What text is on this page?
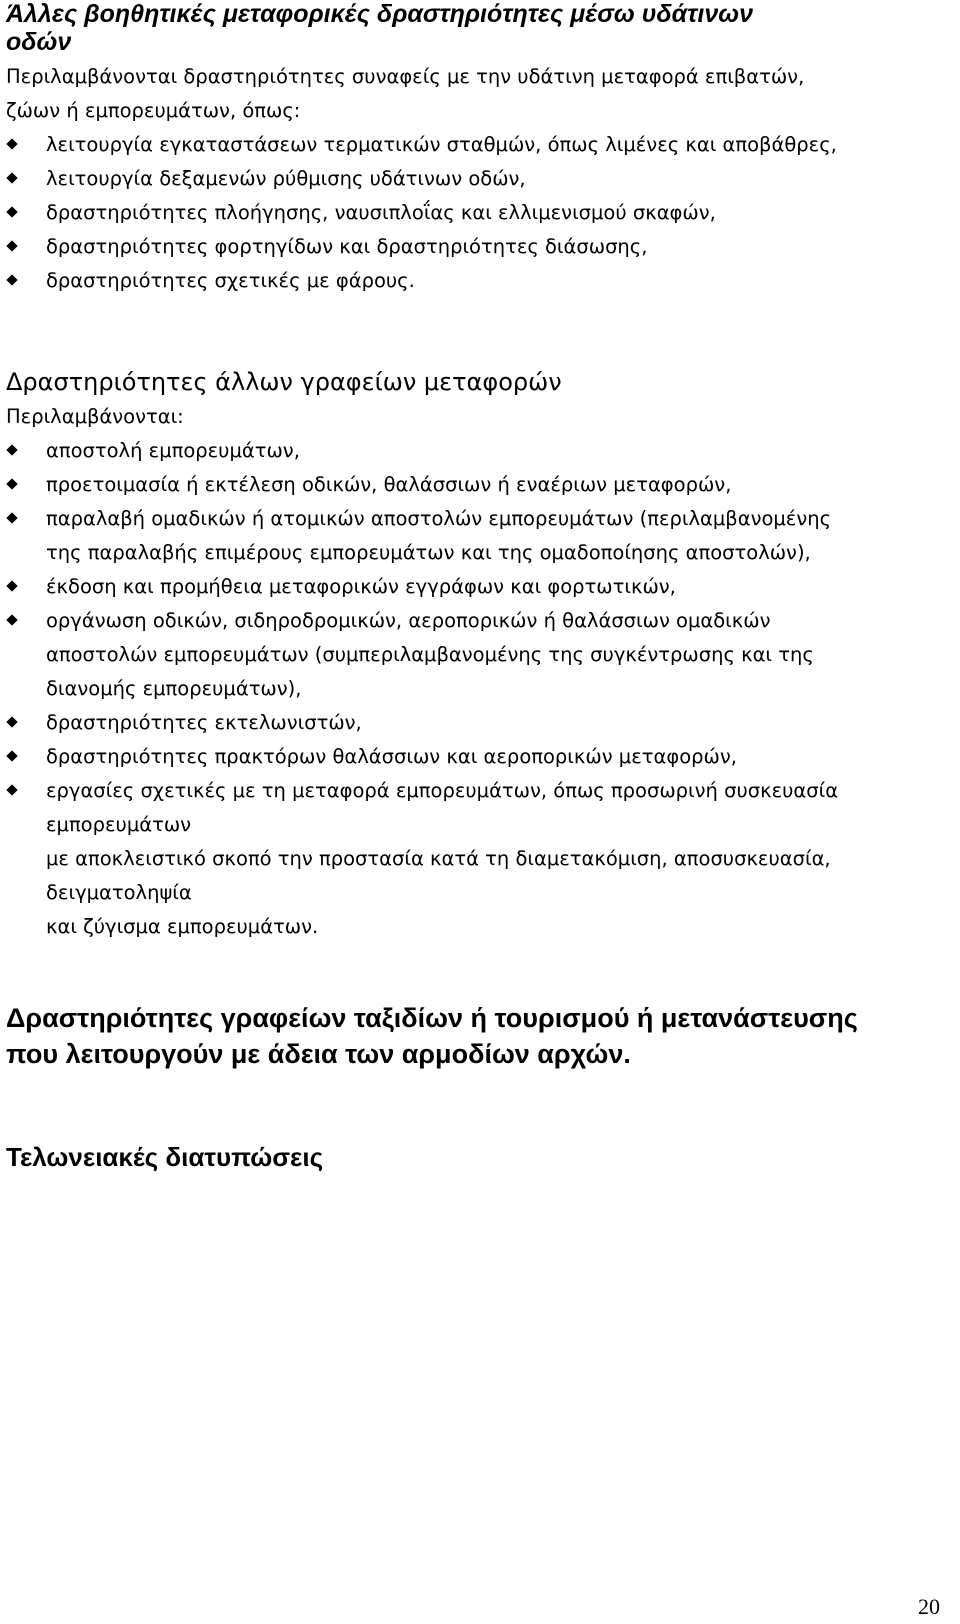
Άλλες βοηθητικές μεταφορικές δραστηριότητες μέσω υδάτινων
οδών

Περιλαμβάνονται δραστηριότητες συναφείς με την υδάτινη μεταφορά επιβατών,
ζώων ή εμπορευμάτων, όπως:

λειτουργία εγκαταστάσεων τερματικών σταθμών, όπως λιμένες και αποβάθρες,
λειτουργία δεξαμενών ρύθμισης υδάτινων οδών,
δραστηριότητες πλοήγησης, ναυσιπλοΐας και ελλιμενισμού σκαφών,
δραστηριότητες φορτηγίδων και δραστηριότητες διάσωσης,
δραστηριότητες σχετικές με φάρους.
Δραστηριότητες άλλων γραφείων μεταφορών

Περιλαμβάνονται:

αποστολή εμπορευμάτων,
προετοιμασία ή εκτέλεση οδικών, θαλάσσιων ή εναέριων μεταφορών,
παραλαβή ομαδικών ή ατομικών αποστολών εμπορευμάτων (περιλαμβανομένης
της παραλαβής επιμέρους εμπορευμάτων και της ομαδοποίησης αποστολών),
έκδοση και προμήθεια μεταφορικών εγγράφων και φορτωτικών,
οργάνωση οδικών, σιδηροδρομικών, αεροπορικών ή θαλάσσιων ομαδικών
αποστολών εμπορευμάτων (συμπεριλαμβανομένης της συγκέντρωσης και της
διανομής εμπορευμάτων),
δραστηριότητες εκτελωνιστών,
δραστηριότητες πρακτόρων θαλάσσιων και αεροπορικών μεταφορών,
εργασίες σχετικές με τη μεταφορά εμπορευμάτων, όπως προσωρινή συσκευασία
εμπορευμάτων
με αποκλειστικό σκοπό την προστασία κατά τη διαμετακόμιση, αποσυσκευασία,
δειγματοληψία
και ζύγισμα εμπορευμάτων.
Δραστηριότητες γραφείων ταξιδίων ή τουρισμού ή μετανάστευσης
που λειτουργούν με άδεια των αρμοδίων αρχών.
Τελωνειακές διατυπώσεις
20
